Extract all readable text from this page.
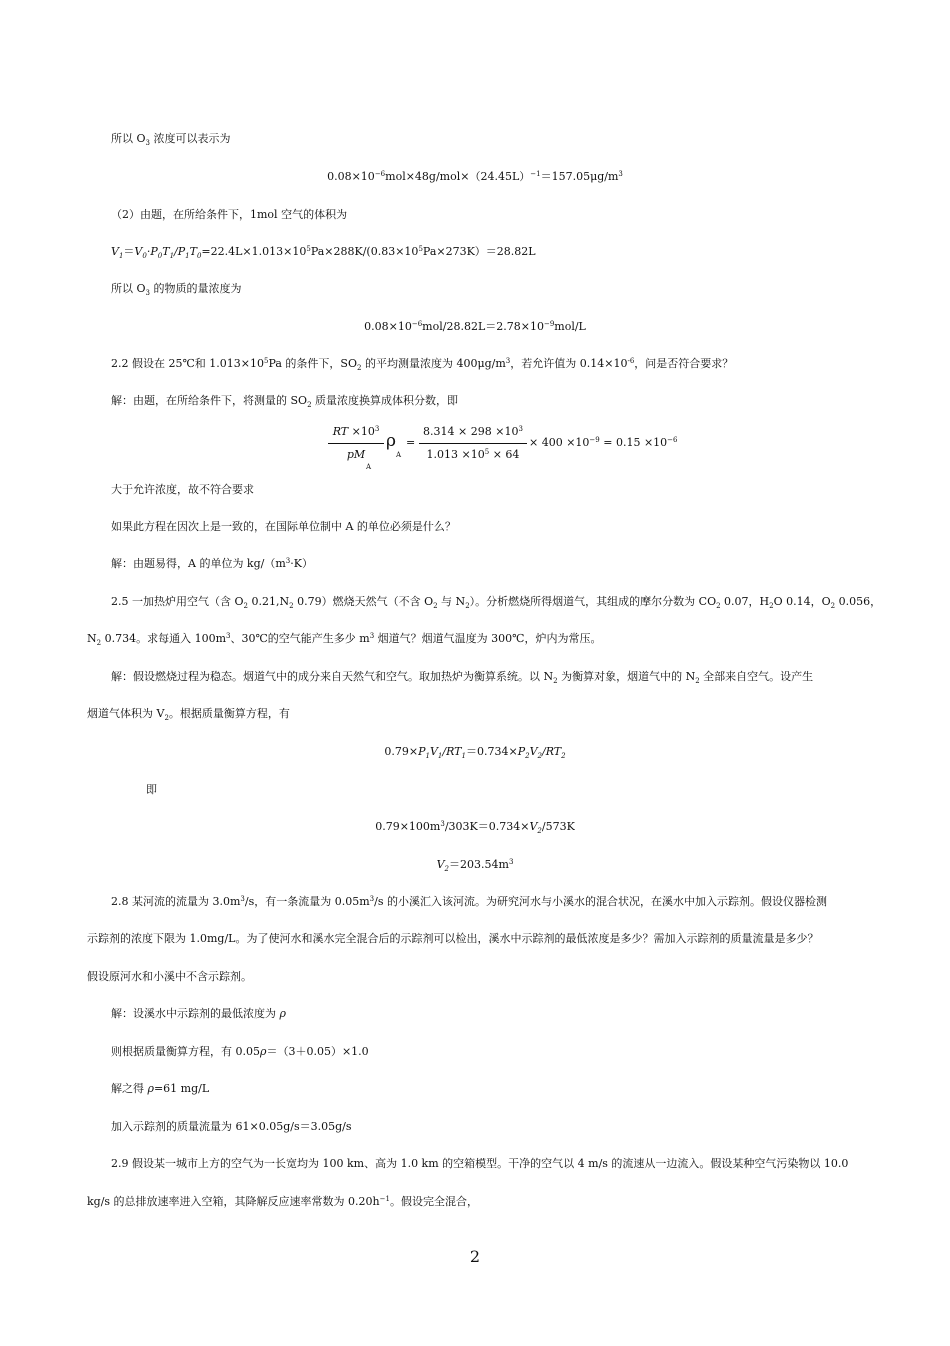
所以 $O_3$ 浓度可以表示为
$0.08\times 10^{-6}mol\times 48g/mol\times(24.45L)^{-1}=157.05\mu g/m^3$
（2）由题，在所给条件下，1mol 空气的体积为
$V_1=V_0\cdot P_0T_1/P_1T_0=22.4L\times 1.013\times 10^5Pa\times 288K/(0.83\times 10^5Pa\times 273K)=28.82L$
所以 $O_3$ 的物质的量浓度为
$0.08\times 10^{-6}mol/28.82L=2.78\times 10^{-9}mol/L$
2.2 假设在 25℃和 $1.013\times 10^5Pa$ 的条件下，$SO_2$ 的平均测量浓度为 $400\mu g/m^3$，若允许值为 $0.14\times 10^{-6}$，问是否符合要求？
解：由题，在所给条件下，将测量的 $SO_2$ 质量浓度换算成体积分数，即
RT $\times 10^3$
pM
A
ρ
A
=
$8.314 \times 298 \times 10^3$
$1.013 \times 10^5 \times 64$
× $400 \times 10^{-9} = 0.15 \times 10^{-6}$
大于允许浓度，故不符合要求
如果此方程在因次上是一致的，在国际单位制中 A 的单位必须是什么？
解：由题易得，A 的单位为 $kg/(m^3\cdot K)$
2.5 一加热炉用空气（含 $O_2$ $0.21,N_2$ 0.79）燃烧天然气（不含 $O_2$ 与 $N_2$）。分析燃烧所得烟道气，其组成的摩尔分数为 $CO_2$ 0.07，$H_2O$ 0.14，$O_2$ 0.056，
$N_2$ 0.734。求每通入 $100m^3$、30℃的空气能产生多少 $m^3$ 烟道气？烟道气温度为 300℃，炉内为常压。
解：假设燃烧过程为稳态。烟道气中的成分来自天然气和空气。取加热炉为衡算系统。以 $N_2$ 为衡算对象，烟道气中的 $N_2$ 全部来自空气。设产生
烟道气体积为 $V_2$。根据质量衡算方程，有
$0.79\times P_1V_1/RT_1=0.734\times P_2V_2/RT_2$
即
$0.79\times 100m^3/303K=0.734\times V_2/573K$
$V_2=203.54m^3$
2.8 某河流的流量为 $3.0m^3/s$，有一条流量为 $0.05m^3/s$ 的小溪汇入该河流。为研究河水与小溪水的混合状况，在溪水中加入示踪剂。假设仪器检测
示踪剂的浓度下限为 1.0mg/L。为了使河水和溪水完全混合后的示踪剂可以检出，溪水中示踪剂的最低浓度是多少？需加入示踪剂的质量流量是多少？
假设原河水和小溪中不含示踪剂。
解：设溪水中示踪剂的最低浓度为 ρ
则根据质量衡算方程，有 0.05ρ＝（3＋0.05）×1.0
解之得 ρ=61 mg/L
加入示踪剂的质量流量为 61×0.05g/s＝3.05g/s
2.9 假设某一城市上方的空气为一长宽均为 100 km、高为 1.0 km 的空箱模型。干净的空气以 4 m/s 的流速从一边流入。假设某种空气污染物以 10.0
kg/s 的总排放速率进入空箱，其降解反应速率常数为 $0.20h^{-1}$。假设完全混合，
2
